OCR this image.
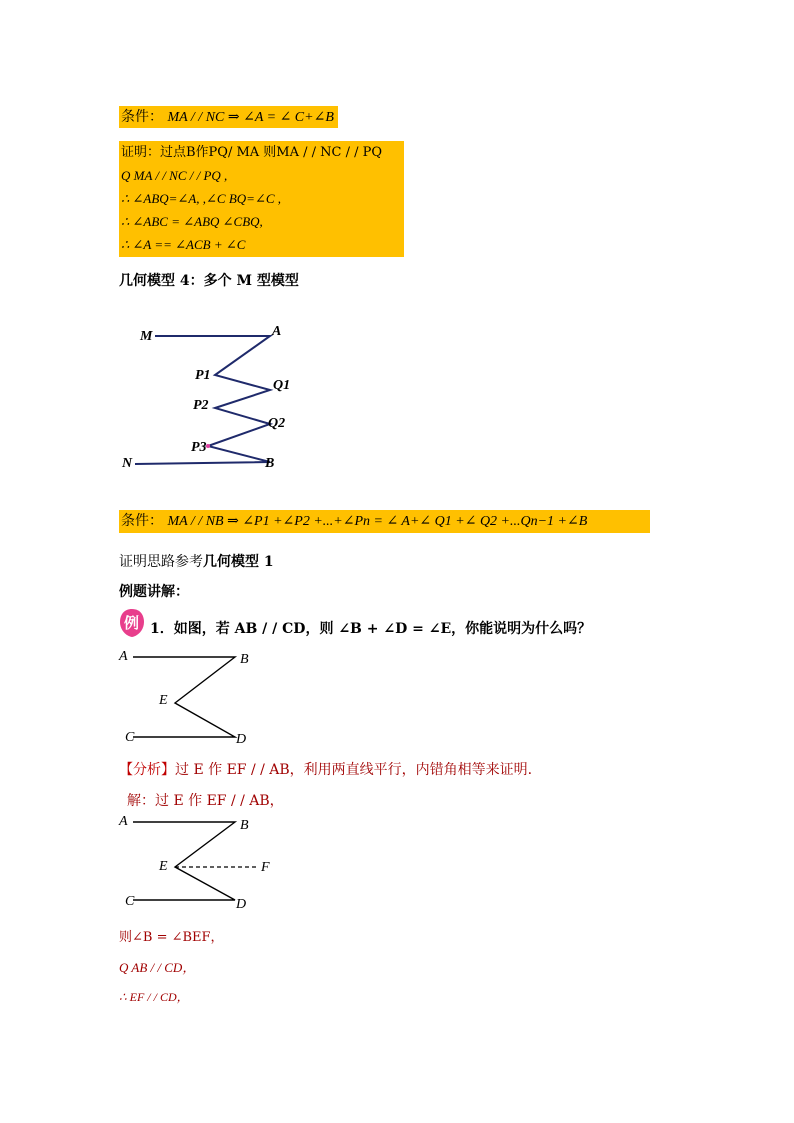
条件： MA / / NC ⇒ ∠A = ∠ C+∠B
证明：过点B作PQ/ MA 则MA / / NC / / PQ
Q MA / / NC / / PQ ,
∴ ∠ABQ=∠A, ,∠C BQ=∠C ,
∴ ∠ABC = ∠ABQ ∠CBQ,
∴ ∠A == ∠ACB + ∠C
几何模型 4：多个 M 型模型
M	A
P1
Q1
P2
Q2
P3
N	B
条件： MA / / NB ⇒ ∠P1 +∠P2 +...+∠Pn = ∠ A+∠ Q1 +∠ Q2 +...Qn−1 +∠B
证明思路参考几何模型 1
例题讲解：
例 1．如图，若 AB / / CD，则 ∠B + ∠D = ∠E，你能说明为什么吗？
A	B
E
C	D
【分析】过 E 作 EF / / AB，利用两直线平行，内错角相等来证明.
解：过 E 作 EF / / AB，
A	B
E	F
C	D
则∠B = ∠BEF，
Q AB / / CD，
∴ EF / / CD，
